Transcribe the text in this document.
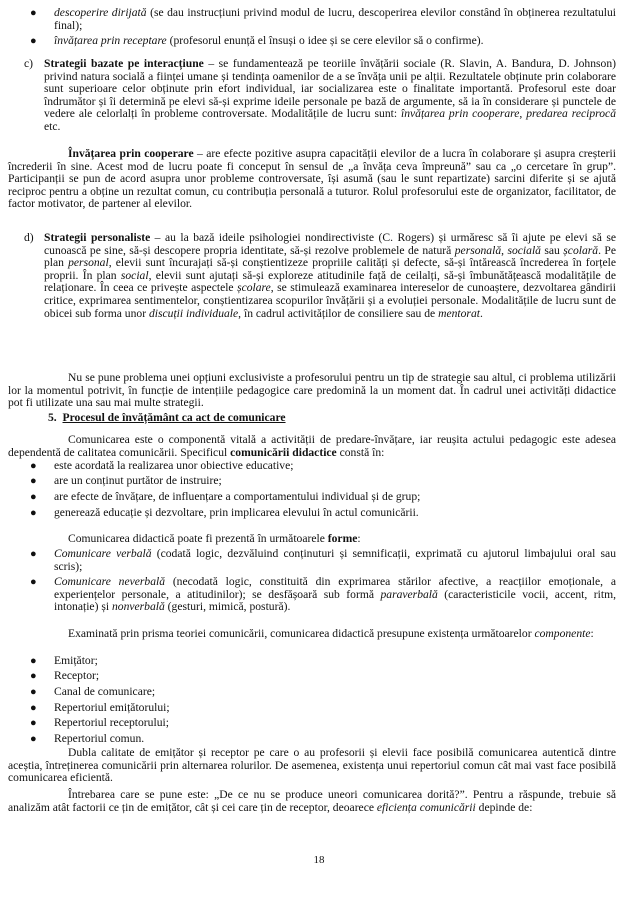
● descoperire dirijată (se dau instrucțiuni privind modul de lucru, descoperirea elevilor constând în obținerea rezultatului final);
● învățarea prin receptare (profesorul enunță el însuși o idee și se cere elevilor să o confirme).
c) Strategii bazate pe interacțiune – se fundamentează pe teoriile învățării sociale (R. Slavin, A. Bandura, D. Johnson) privind natura socială a ființei umane și tendința oamenilor de a se învăța unii pe alții. Rezultatele obținute prin colaborare sunt superioare celor obținute prin efort individual, iar socializarea este o finalitate importantă. Profesorul este doar îndrumător și îi determină pe elevi să-și exprime ideile personale pe bază de argumente, să ia în considerare și punctele de vedere ale celorlalți în probleme controversate. Modalitățile de lucru sunt: învățarea prin cooperare, predarea reciprocă etc.
Învățarea prin cooperare – are efecte pozitive asupra capacității elevilor de a lucra în colaborare și asupra creșterii încrederii în sine. Acest mod de lucru poate fi conceput în sensul de „a învăța ceva împreună” sau ca „o cercetare în grup”. Participanții se pun de acord asupra unor probleme controversate, își asumă (sau le sunt repartizate) sarcini diferite și se ajută reciproc pentru a obține un rezultat comun, cu contribuția personală a tuturor. Rolul profesorului este de organizator, facilitator, de factor motivator, de partener al elevilor.
d) Strategii personaliste – au la bază ideile psihologiei nondirectiviste (C. Rogers) și urmăresc să îi ajute pe elevi să se cunoască pe sine, să-și descopere propria identitate, să-și rezolve problemele de natură personală, socială sau școlară. Pe plan personal, elevii sunt încurajați să-și conștientizeze propriile calități și defecte, să-și întărească încrederea în forțele proprii. În plan social, elevii sunt ajutați să-și exploreze atitudinile față de ceilalți, să-și îmbunătățească modalitățile de relaționare. În ceea ce privește aspectele școlare, se stimulează examinarea intereselor de cunoaștere, dezvoltarea gândirii critice, exprimarea sentimentelor, conștientizarea scopurilor învățării și a evoluției personale. Modalitățile de lucru sunt de obicei sub forma unor discuții individuale, în cadrul activităților de consiliere sau de mentorat.
Nu se pune problema unei opțiuni exclusiviste a profesorului pentru un tip de strategie sau altul, ci problema utilizării lor la momentul potrivit, în funcție de intențiile pedagogice care predomină la un moment dat. În cadrul unei activități didactice pot fi utilizate una sau mai multe strategii.
5. Procesul de învățământ ca act de comunicare
Comunicarea este o componentă vitală a activității de predare-învățare, iar reușita actului pedagogic este adesea dependentă de calitatea comunicării. Specificul comunicării didactice constă în:
● este acordată la realizarea unor obiective educative;
● are un conținut purtător de instruire;
● are efecte de învățare, de influențare a comportamentului individual și de grup;
● generează educație și dezvoltare, prin implicarea elevului în actul comunicării.
Comunicarea didactică poate fi prezentă în următoarele forme:
● Comunicare verbală (codată logic, dezvăluind conținuturi și semnificații, exprimată cu ajutorul limbajului oral sau scris);
● Comunicare neverbală (necodată logic, constituită din exprimarea stărilor afective, a reacțiilor emoționale, a experiențelor personale, a atitudinilor); se desfășoară sub formă paraverbală (caracteristicile vocii, accent, ritm, intonație) și nonverbală (gesturi, mimică, postură).
Examinată prin prisma teoriei comunicării, comunicarea didactică presupune existența următoarelor componente:
● Emițător;
● Receptor;
● Canal de comunicare;
● Repertoriul emițătorului;
● Repertoriul receptorului;
● Repertoriul comun.
Dubla calitate de emițător și receptor pe care o au profesorii și elevii face posibilă comunicarea autentică dintre aceștia, întreținerea comunicării prin alternarea rolurilor. De asemenea, existența unui repertoriul comun cât mai vast face posibilă comunicarea eficientă.
Întrebarea care se pune este: „De ce nu se produce uneori comunicarea dorită?”. Pentru a răspunde, trebuie să analizăm atât factorii ce țin de emițător, cât și cei care țin de receptor, deoarece eficiența comunicării depinde de:
18
